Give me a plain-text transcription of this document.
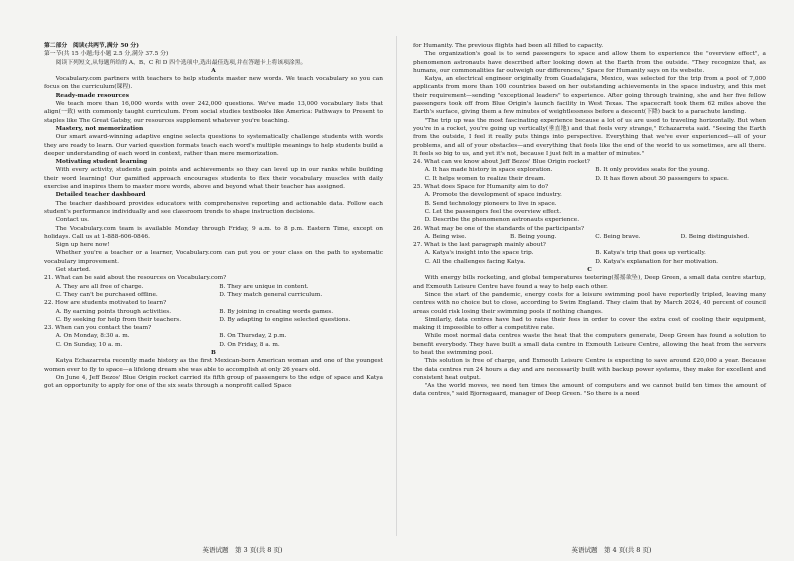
第二部分　阅读(共两节,满分 50 分)

第一节(共 15 小题;每小题 2.5 分,满分 37.5 分)

阅读下列短文,从每题所给的 A、B、C 和 D 四个选项中,选出最佳选项,并在答题卡上将该项涂黑。

A

Vocabulary.com partners with teachers to help students master new words. We teach vocabulary so you can focus on the curriculum(课程).

Ready-made resources

We teach more than 16,000 words with over 242,000 questions. We've made 13,000 vocabulary lists that align(一致) with commonly taught curriculum. From social studies textbooks like America: Pathways to Present to staples like The Great Gatsby, our resources supplement whatever you're teaching.

Mastery, not memorization

Our smart award-winning adaptive engine selects questions to systematically challenge students with words they are ready to learn. Our varied question formats teach each word's multiple meanings to help students build a deeper understanding of each word in context, rather than mere memorization.

Motivating student learning

With every activity, students gain points and achievements so they can level up in our ranks while building their word learning! Our gamified approach encourages students to flex their vocabulary muscles with daily exercise and inspires them to master more words, above and beyond what their teacher has assigned.

Detailed teacher dashboard

The teacher dashboard provides educators with comprehensive reporting and actionable data. Follow each student's performance individually and see classroom trends to shape instruction decisions.

Contact us.

The Vocabulary.com team is available Monday through Friday, 9 a.m. to 8 p.m. Eastern Time, except on holidays. Call us at 1-888-606-0846.

Sign up here now!

Whether you're a teacher or a learner, Vocabulary.com can put you or your class on the path to systematic vocabulary improvement.

Get started.

21. What can be said about the resources on Vocabulary.com?

A. They are all free of charge.	B. They are unique in content.
C. They can't be purchased offline.	D. They match general curriculum.

22. How are students motivated to learn?

A. By earning points through activities.	B. By joining in creating words games.
C. By seeking for help from their teachers.	D. By adapting to engine selected questions.

23. When can you contact the team?

A. On Monday, 8:30 a. m.	B. On Thursday, 2 p.m.
C. On Sunday, 10 a. m.	D. On Friday, 8 a. m.

B

Katya Echazarreta recently made history as the first Mexican-born American woman and one of the youngest women ever to fly to space—a lifelong dream she was able to accomplish at only 26 years old.

On June 4, Jeff Bezos' Blue Origin rocket carried its fifth group of passengers to the edge of space and Katya got an opportunity to apply for one of the six seats through a nonprofit called Space

英语试题　第 3 页(共 8 页)

for Humanity. The previous flights had been all filled to capacity.

The organization's goal is to send passengers to space and allow them to experience the "overview effect", a phenomenon astronauts have described after looking down at the Earth from the outside. "They recognize that, as humans, our commonalities far outweigh our differences," Space for Humanity says on its website.

Katya, an electrical engineer originally from Guadalajara, Mexico, was selected for the trip from a pool of 7,000 applicants from more than 100 countries based on her outstanding achievements in the space industry, and this met their requirement—sending "exceptional leaders" to experience. After going through training, she and her five fellow passengers took off from Blue Origin's launch facility in West Texas. The spacecraft took them 62 miles above the Earth's surface, giving them a few minutes of weightlessness before a descent(下降) back to a parachute landing.

"The trip up was the most fascinating experience because a lot of us are used to traveling horizontally. But when you're in a rocket, you're going up vertically(垂直地) and that feels very strange," Echazarreta said. "Seeing the Earth from the outside, I feel it really puts things into perspective. Everything that we've ever experienced—all of your problems, and all of your obstacles—and everything that feels like the end of the world to us sometimes, are all there. It feels so big to us, and yet it's not, because I just felt in a matter of minutes."

24. What can we know about Jeff Bezos' Blue Origin rocket?

A. It has made history in space exploration.	B. It only provides seats for the young.
C. It helps women to realize their dream.	D. It has flown about 30 passengers to space.

25. What does Space for Humanity aim to do?

A. Promote the development of space industry.
B. Send technology pioneers to live in space.
C. Let the passengers feel the overview effect.
D. Describe the phenomenon astronauts experience.

26. What may be one of the standards of the participants?

A. Being wise.	B. Being young.	C. Being brave.	D. Being distinguished.

27. What is the last paragraph mainly about?

A. Katya's insight into the space trip.	B. Katya's trip that goes up vertically.
C. All the challenges facing Katya.	D. Katya's explanation for her motivation.

C

With energy bills rocketing, and global temperatures teetering(摇摇欲坠), Deep Green, a small data centre startup, and Exmouth Leisure Centre have found a way to help each other.

Since the start of the pandemic, energy costs for a leisure swimming pool have reportedly tripled, leaving many centres with no choice but to close, according to Swim England. They claim that by March 2024, 40 percent of council areas could risk losing their swimming pools if nothing changes.

Similarly, data centres have had to raise their fees in order to cover the extra cost of cooling their equipment, making it impossible to offer a competitive rate.

While most normal data centres waste the heat that the computers generate, Deep Green has found a solution to benefit everybody. They have built a small data centre in Exmouth Leisure Centre, allowing the heat from the servers to heat the swimming pool.

This solution is free of charge, and Exmouth Leisure Centre is expecting to save around £20,000 a year. Because the data centres run 24 hours a day and are necessarily built with backup power systems, they make for excellent and consistent heat output.

"As the world moves, we need ten times the amount of computers and we cannot build ten times the amount of data centres," said Bjornsgaard, manager of Deep Green. "So there is a need

英语试题　第 4 页(共 8 页)
